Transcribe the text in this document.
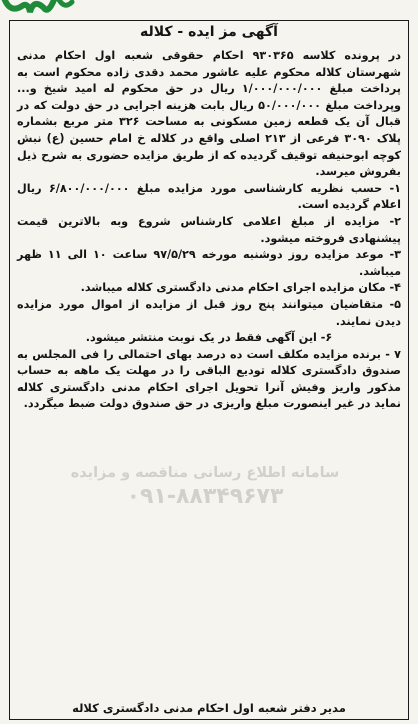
آگهی مز ایده - کلاله

در پرونده کلاسه ۹۳۰۳۶۵ احکام حقوقی شعبه اول احکام مدنی شهرستان کلاله محکوم علیه عاشور محمد دقدی زاده محکوم است به پرداخت مبلغ ۱/۰۰۰/۰۰۰/۰۰۰ ریال در حق محکوم له امید شیخ و... وپرداخت مبلغ ۵۰/۰۰۰/۰۰۰ ریال بابت هزینه اجرایی در حق دولت که در قبال آن یک قطعه زمین مسکونی به مساحت ۳۲۶ متر مربع بشماره پلاک ۳۰۹۰ فرعی از ۲۱۳ اصلی واقع در کلاله خ امام حسین (ع) نبش کوچه ابوحنیفه توقیف گردیده که از طریق مزایده حضوری به شرح ذیل بفروش میرسد.

۱- حسب نظریه کارشناسی مورد مزایده مبلغ ۶/۸۰۰/۰۰۰/۰۰۰ ریال اعلام گردیده است.

۲- مزایده از مبلغ اعلامی کارشناس شروع وبه بالاترین قیمت پیشنهادی فروخته میشود.

۳- موعد مزایده روز دوشنبه مورخه ۹۷/۵/۲۹ ساعت ۱۰ الی ۱۱ ظهر میباشد.

۴- مکان مزایده اجرای احکام مدنی دادگستری کلاله میباشد.

۵- متقاضیان میتوانند پنج روز قبل از مزایده از اموال مورد مزایده دیدن نمایند.

۶- این آگهی فقط در یک نوبت منتشر میشود.

۷ - برنده مزایده مکلف است ده درصد بهای احتمالی را فی المجلس به صندوق دادگستری کلاله تودیع الباقی را در مهلت یک ماهه به حساب مذکور واریز وفیش آنرا تحویل اجرای احکام مدنی دادگستری کلاله نماید در غیر اینصورت مبلغ واریزی در حق صندوق دولت ضبط میگردد.

مدیر دفتر شعبه اول احکام مدنی دادگستری کلاله
سامانه اطلاع رسانی مناقصه و مزایده
۰۹۱-۸۸۳۴۹۶۷۳
